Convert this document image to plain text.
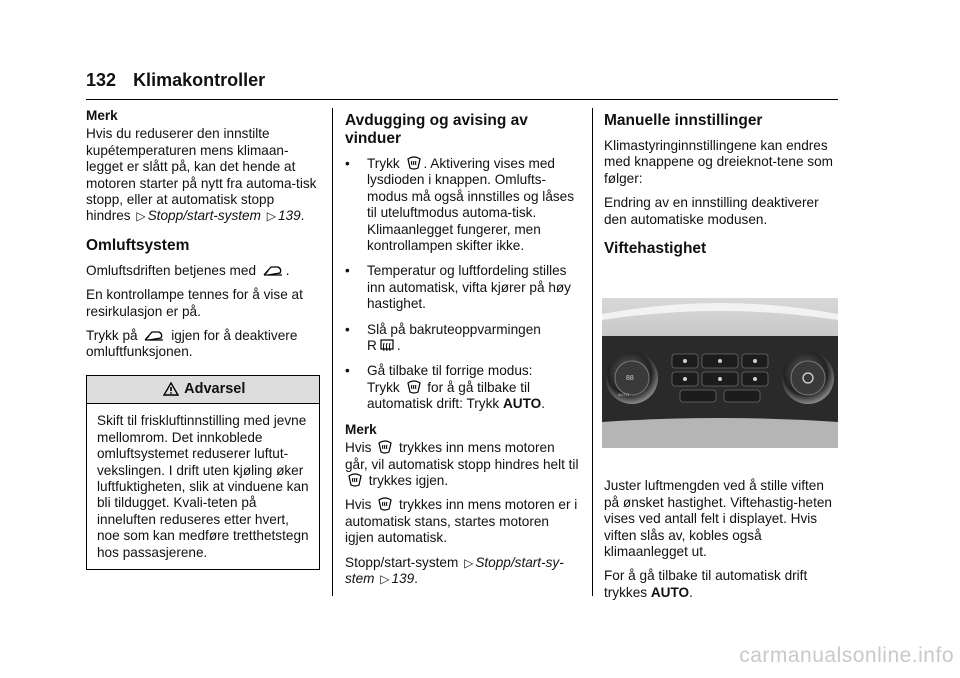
132 Klimakontroller

Merk

Hvis du reduserer den innstilte kupétemperaturen mens klimaan-legget er slått på, kan det hende at motoren starter på nytt fra automa-tisk stopp, eller at automatisk stopp hindres ▷ Stopp/start-system ▷ 139.

Omluftsystem

Omluftsdriften betjenes med .

En kontrollampe tennes for å vise at resirkulasjon er på.

Trykk på igjen for å deaktivere omluftfunksjonen.

Advarsel
Skift til friskluftinnstilling med jevne mellomrom. Det innkoblede omluftsystemet reduserer luftut-vekslingen. I drift uten kjøling øker luftfuktigheten, slik at vinduene kan bli tildugget. Kvali-teten på inneluften reduseres etter hvert, noe som kan medføre tretthetstegn hos passasjerene.
Avdugging og avising av vinduer
•	Trykk . Aktivering vises med lysdioden i knappen. Omlufts-modus må også innstilles og låses til uteluftmodus automa-tisk. Klimaanlegget fungerer, men kontrollampen skifter ikke.
•	Temperatur og luftfordeling stilles inn automatisk, vifta kjører på høy hastighet.
•	Slå på bakruteoppvarmingen
R .
•	Gå tilbake til forrige modus:
Trykk for å gå tilbake til automatisk drift: Trykk AUTO.

Merk

Hvis trykkes inn mens motoren går, vil automatisk stopp hindres helt til  trykkes igjen.

Hvis trykkes inn mens motoren er i automatisk stans, startes motoren igjen automatisk.

Stopp/start-system ▷ Stopp/start-sy-stem ▷ 139.

Manuelle innstillinger

Klimastyringinnstillingene kan endres med knappene og dreieknot-tene som følger:

Endring av en innstilling deaktiverer den automatiske modusen.

Viftehastighet
88
AUTO

Juster luftmengden ved å stille viften på ønsket hastighet. Viftehastig-heten vises ved antall felt i displayet. Hvis viften slås av, kobles også klimaanlegget ut.

For å gå tilbake til automatisk drift trykkes AUTO.

carmanualsonline.info
